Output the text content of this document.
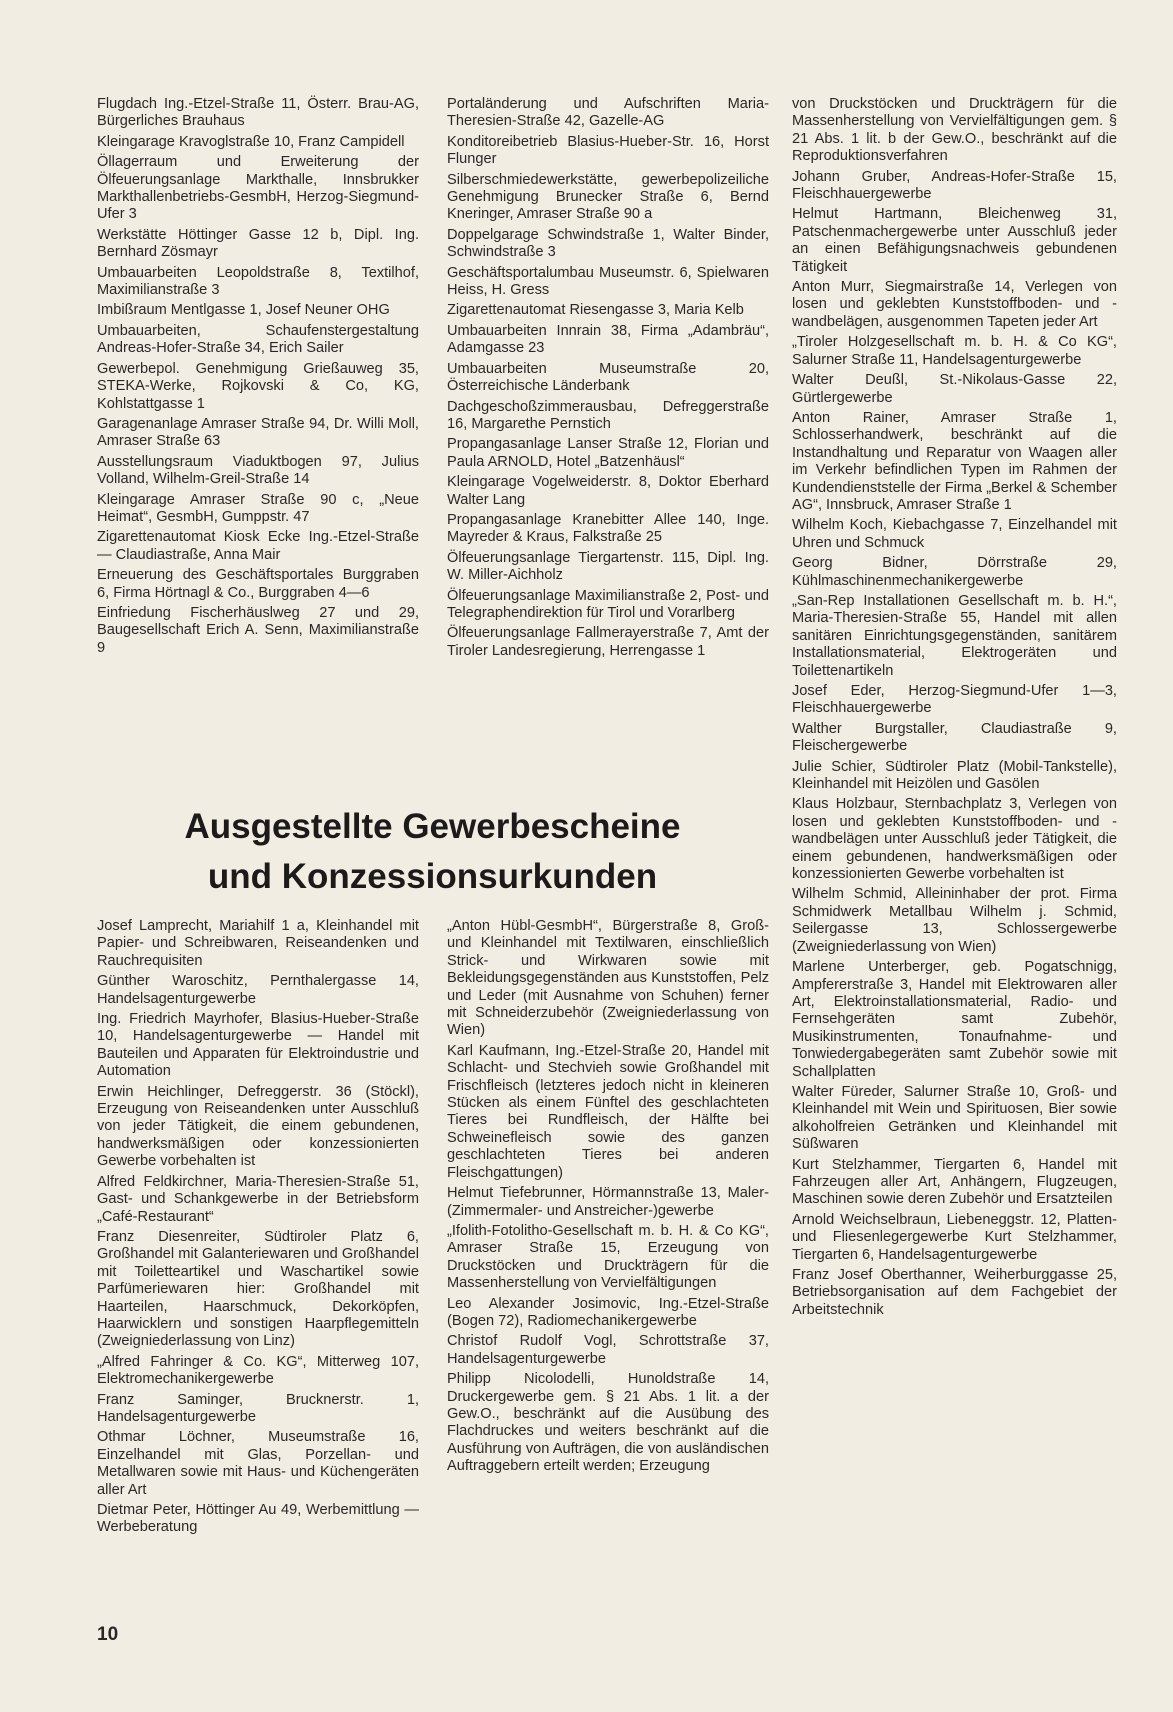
Flugdach Ing.-Etzel-Straße 11, Österr. Brau-AG, Bürgerliches Brauhaus

Kleingarage Kravoglstraße 10, Franz Campidell

Öllagerraum und Erweiterung der Ölfeuerungsanlage Markthalle, Innsbrukker Markthallenbetriebs-GesmbH, Herzog-Siegmund-Ufer 3

Werkstätte Höttinger Gasse 12 b, Dipl. Ing. Bernhard Zösmayr

Umbauarbeiten Leopoldstraße 8, Textilhof, Maximilianstraße 3

Imbißraum Mentlgasse 1, Josef Neuner OHG

Umbauarbeiten, Schaufenstergestaltung Andreas-Hofer-Straße 34, Erich Sailer

Gewerbepol. Genehmigung Grießauweg 35, STEKA-Werke, Rojkovski & Co, KG, Kohlstattgasse 1

Garagenanlage Amraser Straße 94, Dr. Willi Moll, Amraser Straße 63

Ausstellungsraum Viaduktbogen 97, Julius Volland, Wilhelm-Greil-Straße 14

Kleingarage Amraser Straße 90 c, „Neue Heimat“, GesmbH, Gumppstr. 47

Zigarettenautomat Kiosk Ecke Ing.-Etzel-Straße — Claudiastraße, Anna Mair

Erneuerung des Geschäftsportales Burggraben 6, Firma Hörtnagl & Co., Burggraben 4—6

Einfriedung Fischerhäuslweg 27 und 29, Baugesellschaft Erich A. Senn, Maximilianstraße 9

Portaländerung und Aufschriften Maria-Theresien-Straße 42, Gazelle-AG

Konditoreibetrieb Blasius-Hueber-Str. 16, Horst Flunger

Silberschmiedewerkstätte, gewerbepolizeiliche Genehmigung Brunecker Straße 6, Bernd Kneringer, Amraser Straße 90 a

Doppelgarage Schwindstraße 1, Walter Binder, Schwindstraße 3

Geschäftsportalumbau Museumstr. 6, Spielwaren Heiss, H. Gress

Zigarettenautomat Riesengasse 3, Maria Kelb

Umbauarbeiten Innrain 38, Firma „Adambräu“, Adamgasse 23

Umbauarbeiten Museumstraße 20, Österreichische Länderbank

Dachgeschoßzimmerausbau, Defreggerstraße 16, Margarethe Pernstich

Propangasanlage Lanser Straße 12, Florian und Paula ARNOLD, Hotel „Batzenhäusl“

Kleingarage Vogelweiderstr. 8, Doktor Eberhard Walter Lang

Propangasanlage Kranebitter Allee 140, Inge. Mayreder & Kraus, Falkstraße 25

Ölfeuerungsanlage Tiergartenstr. 115, Dipl. Ing. W. Miller-Aichholz

Ölfeuerungsanlage Maximilianstraße 2, Post- und Telegraphendirektion für Tirol und Vorarlberg

Ölfeuerungsanlage Fallmerayerstraße 7, Amt der Tiroler Landesregierung, Herrengasse 1

von Druckstöcken und Druckträgern für die Massenherstellung von Vervielfältigungen gem. § 21 Abs. 1 lit. b der Gew.O., beschränkt auf die Reproduktionsverfahren

Johann Gruber, Andreas-Hofer-Straße 15, Fleischhauergewerbe

Helmut Hartmann, Bleichenweg 31, Patschenmachergewerbe unter Ausschluß jeder an einen Befähigungsnachweis gebundenen Tätigkeit

Anton Murr, Siegmairstraße 14, Verlegen von losen und geklebten Kunststoffboden- und -wandbelägen, ausgenommen Tapeten jeder Art

„Tiroler Holzgesellschaft m. b. H. & Co KG“, Salurner Straße 11, Handelsagenturgewerbe

Walter Deußl, St.-Nikolaus-Gasse 22, Gürtlergewerbe

Anton Rainer, Amraser Straße 1, Schlosserhandwerk, beschränkt auf die Instandhaltung und Reparatur von Waagen aller im Verkehr befindlichen Typen im Rahmen der Kundendienststelle der Firma „Berkel & Schember AG“, Innsbruck, Amraser Straße 1

Wilhelm Koch, Kiebachgasse 7, Einzelhandel mit Uhren und Schmuck

Georg Bidner, Dörrstraße 29, Kühlmaschinenmechanikergewerbe

„San-Rep Installationen Gesellschaft m. b. H.“, Maria-Theresien-Straße 55, Handel mit allen sanitären Einrichtungsgegenständen, sanitärem Installationsmaterial, Elektrogeräten und Toilettenartikeln

Josef Eder, Herzog-Siegmund-Ufer 1—3, Fleischhauergewerbe

Walther Burgstaller, Claudiastraße 9, Fleischergewerbe

Julie Schier, Südtiroler Platz (Mobil-Tankstelle), Kleinhandel mit Heizölen und Gasölen

Klaus Holzbaur, Sternbachplatz 3, Verlegen von losen und geklebten Kunststoffboden- und -wandbelägen unter Ausschluß jeder Tätigkeit, die einem gebundenen, handwerksmäßigen oder konzessionierten Gewerbe vorbehalten ist

Wilhelm Schmid, Alleininhaber der prot. Firma Schmidwerk Metallbau Wilhelm j. Schmid, Seilergasse 13, Schlossergewerbe (Zweigniederlassung von Wien)

Marlene Unterberger, geb. Pogatschnigg, Ampfererstraße 3, Handel mit Elektrowaren aller Art, Elektroinstallationsmaterial, Radio- und Fernsehgeräten samt Zubehör, Musikinstrumenten, Tonaufnahme- und Tonwiedergabegeräten samt Zubehör sowie mit Schallplatten

Walter Füreder, Salurner Straße 10, Groß- und Kleinhandel mit Wein und Spirituosen, Bier sowie alkoholfreien Getränken und Kleinhandel mit Süßwaren

Kurt Stelzhammer, Tiergarten 6, Handel mit Fahrzeugen aller Art, Anhängern, Flugzeugen, Maschinen sowie deren Zubehör und Ersatzteilen

Arnold Weichselbraun, Liebeneggstr. 12, Platten- und Fliesenlegergewerbe Kurt Stelzhammer, Tiergarten 6, Handelsagenturgewerbe

Franz Josef Oberthanner, Weiherburggasse 25, Betriebsorganisation auf dem Fachgebiet der Arbeitstechnik

Ausgestellte Gewerbescheine
und Konzessionsurkunden

Josef Lamprecht, Mariahilf 1 a, Kleinhandel mit Papier- und Schreibwaren, Reiseandenken und Rauchrequisiten

Günther Waroschitz, Pernthalergasse 14, Handelsagenturgewerbe

Ing. Friedrich Mayrhofer, Blasius-Hueber-Straße 10, Handelsagenturgewerbe — Handel mit Bauteilen und Apparaten für Elektroindustrie und Automation

Erwin Heichlinger, Defreggerstr. 36 (Stöckl), Erzeugung von Reiseandenken unter Ausschluß von jeder Tätigkeit, die einem gebundenen, handwerksmäßigen oder konzessionierten Gewerbe vorbehalten ist

Alfred Feldkirchner, Maria-Theresien-Straße 51, Gast- und Schankgewerbe in der Betriebsform „Café-Restaurant“

Franz Diesenreiter, Südtiroler Platz 6, Großhandel mit Galanteriewaren und Großhandel mit Toiletteartikel und Waschartikel sowie Parfümeriewaren hier: Großhandel mit Haarteilen, Haarschmuck, Dekorköpfen, Haarwicklern und sonstigen Haarpflegemitteln (Zweigniederlassung von Linz)

„Alfred Fahringer & Co. KG“, Mitterweg 107, Elektromechanikergewerbe

Franz Saminger, Brucknerstr. 1, Handelsagenturgewerbe

Othmar Löchner, Museumstraße 16, Einzelhandel mit Glas, Porzellan- und Metallwaren sowie mit Haus- und Küchengeräten aller Art

Dietmar Peter, Höttinger Au 49, Werbemittlung — Werbeberatung

„Anton Hübl-GesmbH“, Bürgerstraße 8, Groß- und Kleinhandel mit Textilwaren, einschließlich Strick- und Wirkwaren sowie mit Bekleidungsgegenständen aus Kunststoffen, Pelz und Leder (mit Ausnahme von Schuhen) ferner mit Schneiderzubehör (Zweigniederlassung von Wien)

Karl Kaufmann, Ing.-Etzel-Straße 20, Handel mit Schlacht- und Stechvieh sowie Großhandel mit Frischfleisch (letzteres jedoch nicht in kleineren Stücken als einem Fünftel des geschlachteten Tieres bei Rundfleisch, der Hälfte bei Schweinefleisch sowie des ganzen geschlachteten Tieres bei anderen Fleischgattungen)

Helmut Tiefebrunner, Hörmannstraße 13, Maler-(Zimmermaler- und Anstreicher-)gewerbe

„Ifolith-Fotolitho-Gesellschaft m. b. H. & Co KG“, Amraser Straße 15, Erzeugung von Druckstöcken und Druckträgern für die Massenherstellung von Vervielfältigungen

Leo Alexander Josimovic, Ing.-Etzel-Straße (Bogen 72), Radiomechanikergewerbe

Christof Rudolf Vogl, Schrottstraße 37, Handelsagenturgewerbe

Philipp Nicolodelli, Hunoldstraße 14, Druckergewerbe gem. § 21 Abs. 1 lit. a der Gew.O., beschränkt auf die Ausübung des Flachdruckes und weiters beschränkt auf die Ausführung von Aufträgen, die von ausländischen Auftraggebern erteilt werden; Erzeugung

10
